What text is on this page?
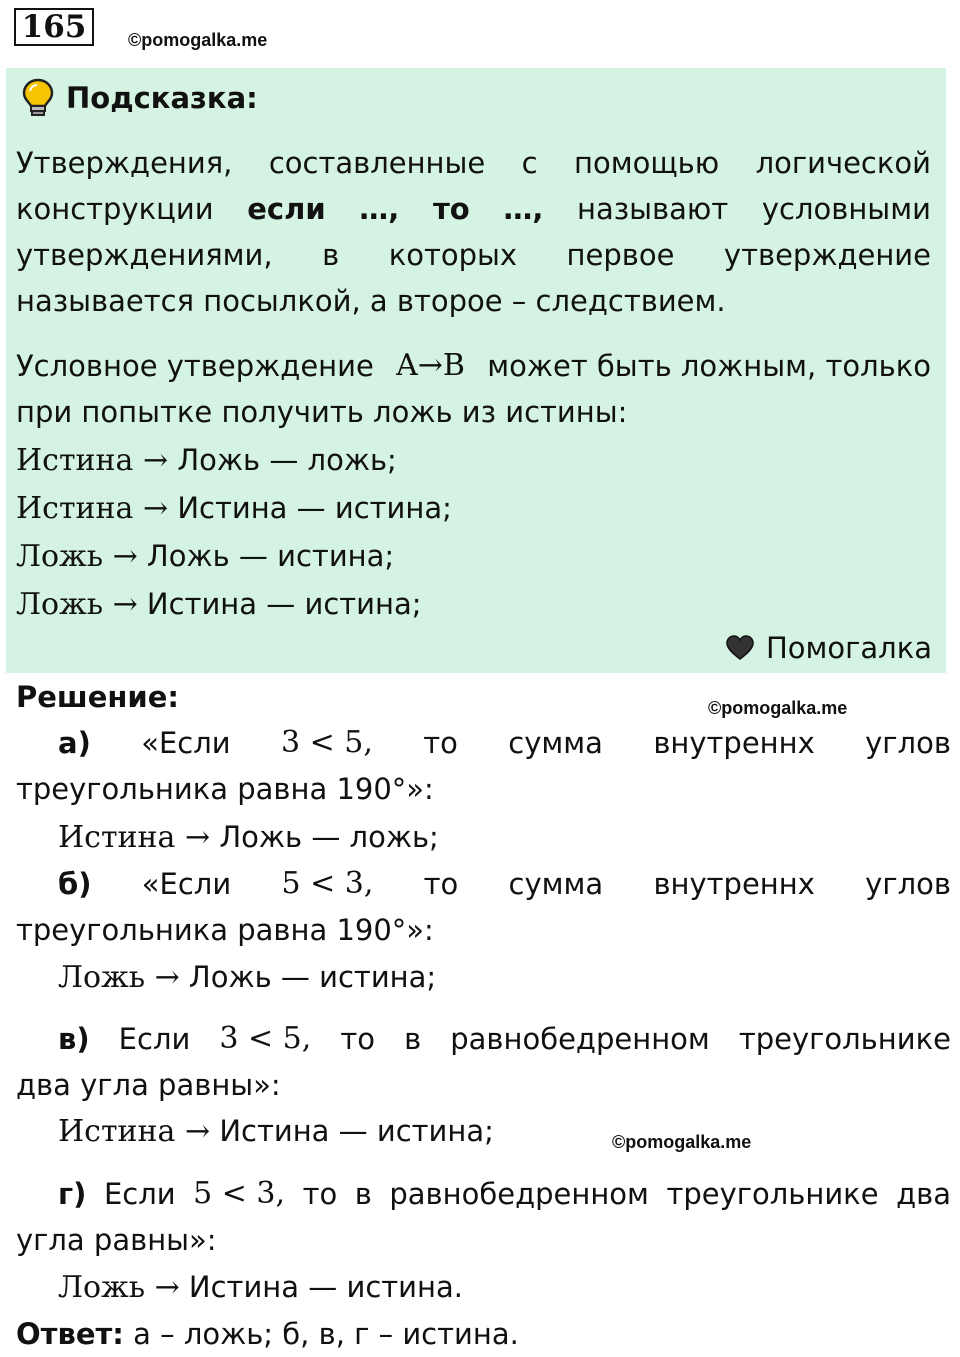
165	©pomogalka.me
Подсказка:
Утверждения, составленные с помощью логической
конструкции если …, то …, называют условными
утверждениями, в которых первое утверждение
называется посылкой, а второе – следствием.
Условное утверждение A→B может быть ложным, только
при попытке получить ложь из истины:
Истина → Ложь — ложь;
Истина → Истина — истина;
Ложь → Ложь — истина;
Ложь → Истина — истина;
Помогалка
Решение:	©pomogalka.me
а) «Если 3 < 5, то сумма внутреннх углов
треугольника равна 190°»:
Истина → Ложь — ложь;
б) «Если 5 < 3, то сумма внутреннх углов
треугольника равна 190°»:
Ложь → Ложь — истина;
в) Если 3 < 5, то в равнобедренном треугольнике
два угла равны»:
Истина → Истина — истина;	©pomogalka.me
г) Если 5 < 3, то в равнобедренном треугольнике два
угла равны»:
Ложь → Истина — истина.
Ответ: а – ложь; б, в, г – истина.
